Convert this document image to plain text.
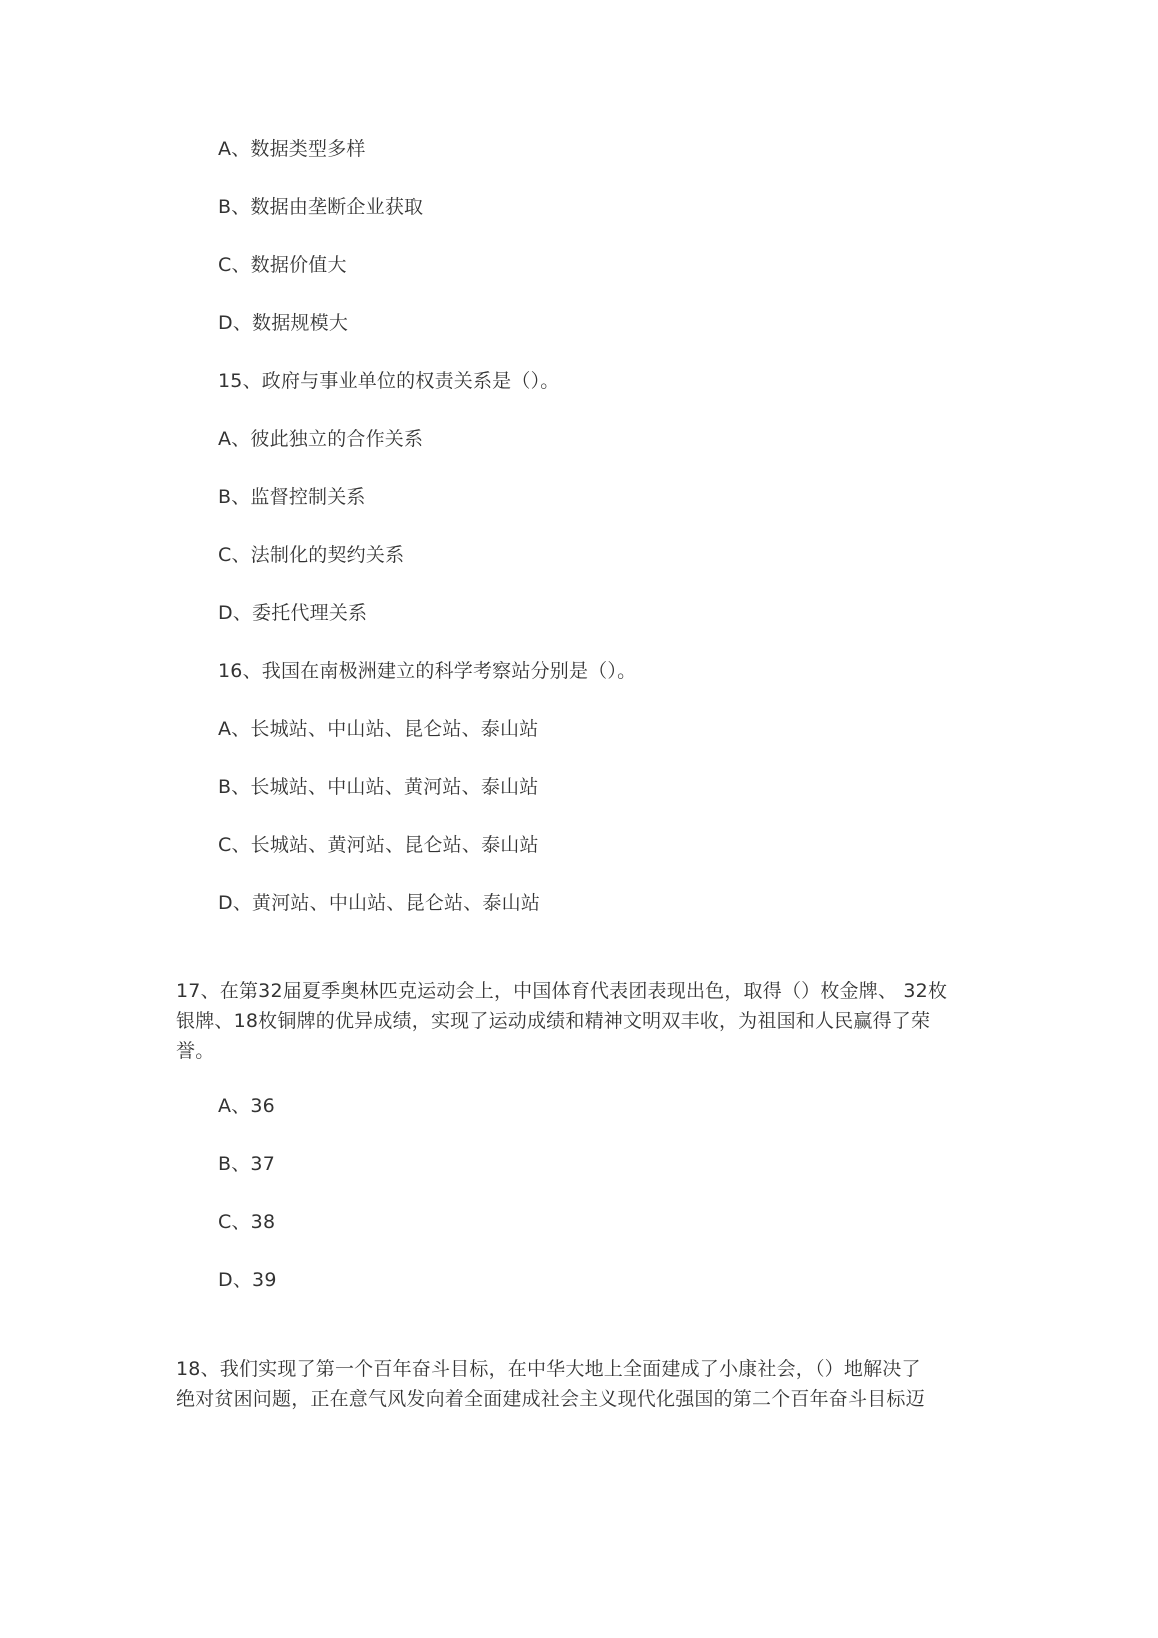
A、数据类型多样
B、数据由垄断企业获取
C、数据价值大
D、数据规模大
15、政府与事业单位的权责关系是（）。
A、彼此独立的合作关系
B、监督控制关系
C、法制化的契约关系
D、委托代理关系
16、我国在南极洲建立的科学考察站分别是（）。
A、长城站、中山站、昆仑站、泰山站
B、长城站、中山站、黄河站、泰山站
C、长城站、黄河站、昆仑站、泰山站
D、黄河站、中山站、昆仑站、泰山站
17、在第32届夏季奥林匹克运动会上，中国体育代表团表现出色，取得（）枚金牌、 32枚
银牌、18枚铜牌的优异成绩，实现了运动成绩和精神文明双丰收，为祖国和人民赢得了荣
誉。
A、36
B、37
C、38
D、39
18、我们实现了第一个百年奋斗目标，在中华大地上全面建成了小康社会，（）地解决了
绝对贫困问题，正在意气风发向着全面建成社会主义现代化强国的第二个百年奋斗目标迈
